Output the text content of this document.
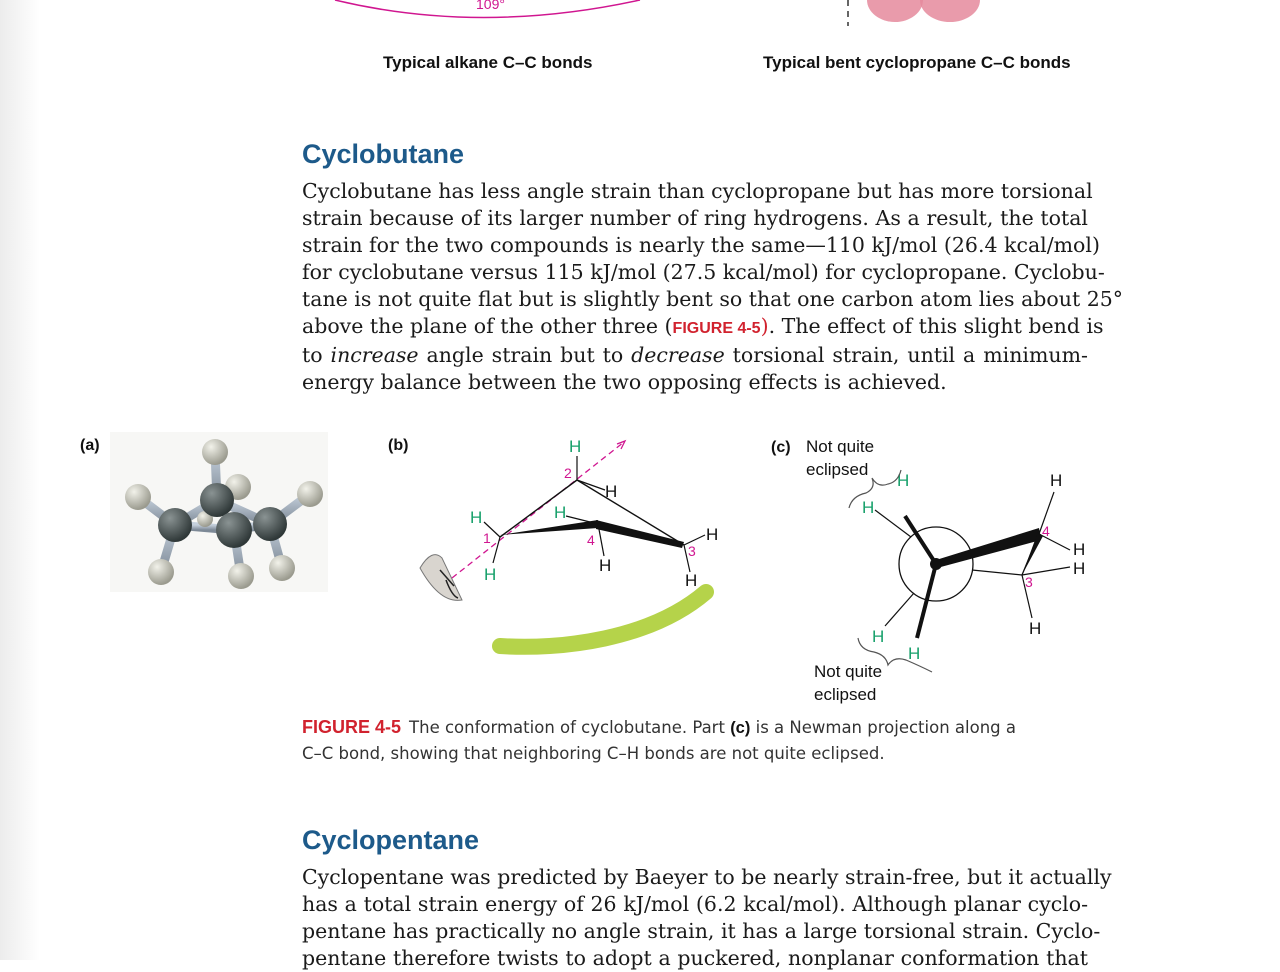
109°
Typical alkane C–C bonds	Typical bent cyclopropane C–C bonds
Cyclobutane
Cyclobutane has less angle strain than cyclopropane but has more torsional
strain because of its larger number of ring hydrogens. As a result, the total
strain for the two compounds is nearly the same—110 kJ/mol (26.4 kcal/mol)
for cyclobutane versus 115 kJ/mol (27.5 kcal/mol) for cyclopropane. Cyclobu-
tane is not quite flat but is slightly bent so that one carbon atom lies about 25°
above the plane of the other three (FIGURE 4-5). The effect of this slight bend is
to increase angle strain but to decrease torsional strain, until a minimum-
energy balance between the two opposing effects is achieved.
(a)	(b)	(c)
H
H
H
H
H
H
H
H
1
2
3
4
H
H
H
H
H
H
H
H
4
3
Not quite
eclipsed
Not quite
eclipsed
FIGURE 4-5 The conformation of cyclobutane. Part (c) is a Newman projection along a
C–C bond, showing that neighboring C–H bonds are not quite eclipsed.
Cyclopentane
Cyclopentane was predicted by Baeyer to be nearly strain-free, but it actually
has a total strain energy of 26 kJ/mol (6.2 kcal/mol). Although planar cyclo-
pentane has practically no angle strain, it has a large torsional strain. Cyclo-
pentane therefore twists to adopt a puckered, nonplanar conformation that
